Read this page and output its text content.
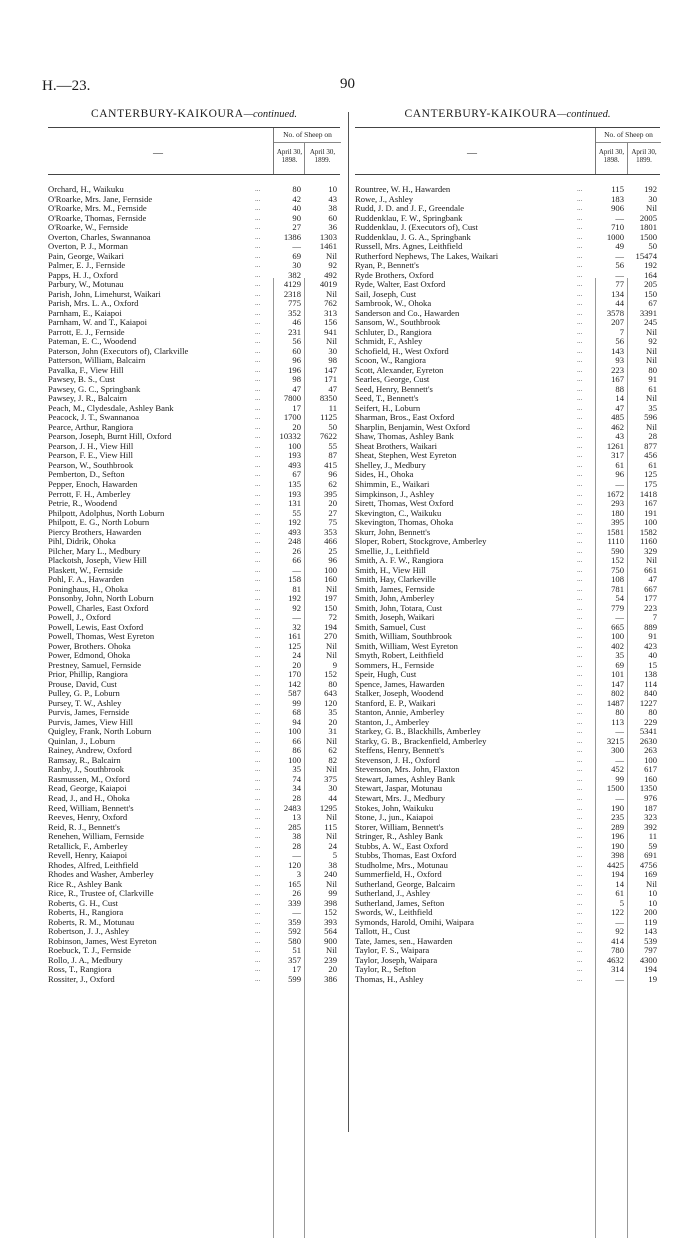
H.—23.	90
CANTERBURY-KAIKOURA—continued.
—
No. of Sheep on
April 30, 1898.
April 30, 1899.
Orchard, H., Waikuku	...	80	10
O'Roarke, Mrs. Jane, Fernside	...	42	43
O'Roarke, Mrs. M., Fernside	...	40	38
O'Roarke, Thomas, Fernside	...	90	60
O'Roarke, W., Fernside	...	27	36
Overton, Charles, Swannanoa	...	1386	1303
Overton, P. J., Morman	...	—	1461
Pain, George, Waikari	...	69	Nil
Palmer, E. J., Fernside	...	30	92
Papps, H. J., Oxford	...	382	492
Parbury, W., Motunau	...	4129	4019
Parish, John, Limehurst, Waikari	...	2318	Nil
Parish, Mrs. L. A., Oxford	...	775	762
Parnham, E., Kaiapoi	...	352	313
Parnham, W. and T., Kaiapoi	...	46	156
Parrott, E. J., Fernside	...	231	941
Pateman, E. C., Woodend	...	56	Nil
Paterson, John (Executors of), Clarkville	...	60	30
Patterson, William, Balcairn	...	96	98
Pavalka, F., View Hill	...	196	147
Pawsey, B. S., Cust	...	98	171
Pawsey, G. C., Springbank	...	47	47
Pawsey, J. R., Balcairn	...	7800	8350
Peach, M., Clydesdale, Ashley Bank	...	17	11
Peacock, J. T., Swannanoa	...	1700	1125
Pearce, Arthur, Rangiora	...	20	50
Pearson, Joseph, Burnt Hill, Oxford	...	10332	7622
Pearson, J. H., View Hill	...	100	55
Pearson, F. E., View Hill	...	193	87
Pearson, W., Southbrook	...	493	415
Pemberton, D., Sefton	...	67	96
Pepper, Enoch, Hawarden	...	135	62
Perrott, F. H., Amberley	...	193	395
Petrie, R., Woodend	...	131	20
Philpott, Adolphus, North Loburn	...	55	27
Philpott, E. G., North Loburn	...	192	75
Piercy Brothers, Hawarden	...	493	353
Pihl, Didrik, Ohoka	...	248	466
Pilcher, Mary L., Medbury	...	26	25
Plackotsh, Joseph, View Hill	...	66	96
Plaskett, W., Fernside	...	—	100
Pohl, F. A., Hawarden	...	158	160
Poninghaus, H., Ohoka	...	81	Nil
Ponsonby, John, North Loburn	...	192	197
Powell, Charles, East Oxford	...	92	150
Powell, J., Oxford	...	—	72
Powell, Lewis, East Oxford	...	32	194
Powell, Thomas, West Eyreton	...	161	270
Power, Brothers. Ohoka	...	125	Nil
Power, Edmond, Ohoka	...	24	Nil
Prestney, Samuel, Fernside	...	20	9
Prior, Phillip, Rangiora	...	170	152
Prouse, David, Cust	...	142	80
Pulley, G. P., Loburn	...	587	643
Pursey, T. W., Ashley	...	99	120
Purvis, James, Fernside	...	68	35
Purvis, James, View Hill	...	94	20
Quigley, Frank, North Loburn	...	100	31
Quinlan, J., Loburn	...	66	Nil
Rainey, Andrew, Oxford	...	86	62
Ramsay, R., Balcairn	...	100	82
Ranby, J., Southbrook	...	35	Nil
Rasmussen, M., Oxford	...	74	375
Read, George, Kaiapoi	...	34	30
Read, J., and H., Ohoka	...	28	44
Reed, William, Bennett's	...	2483	1295
Reeves, Henry, Oxford	...	13	Nil
Reid, R. J., Bennett's	...	285	115
Renehen, William, Fernside	...	38	Nil
Retallick, F., Amberley	...	28	24
Revell, Henry, Kaiapoi	...	—	5
Rhodes, Alfred, Leithfield	...	120	38
Rhodes and Washer, Amberley	...	3	240
Rice R., Ashley Bank	...	165	Nil
Rice, R., Trustee of, Clarkville	...	26	99
Roberts, G. H., Cust	...	339	398
Roberts, H., Rangiora	...	—	152
Roberts, R. M., Motunau	...	359	393
Robertson, J. J., Ashley	...	592	564
Robinson, James, West Eyreton	...	580	900
Roebuck, T. J., Fernside	...	51	Nil
Rollo, J. A., Medbury	...	357	239
Ross, T., Rangiora	...	17	20
Rossiter, J., Oxford	...	599	386
CANTERBURY-KAIKOURA—continued.
—
No. of Sheep on
April 30, 1898.
April 30, 1899.
Rountree, W. H., Hawarden	...	115	192
Rowe, J., Ashley	...	183	30
Rudd, J. D. and J. F., Greendale	...	906	Nil
Ruddenklau, F. W., Springbank	...	—	2005
Ruddenklau, J. (Executors of), Cust	...	710	1801
Ruddenklau, J. G. A., Springbank	...	1000	1500
Russell, Mrs. Agnes, Leithfield	...	49	50
Rutherford Nephews, The Lakes, Waikari	...	—	15474
Ryan, P., Bennett's	...	56	192
Ryde Brothers, Oxford	...	—	164
Ryde, Walter, East Oxford	...	77	205
Sail, Joseph, Cust	...	134	150
Sambrook, W., Ohoka	...	44	67
Sanderson and Co., Hawarden	...	3578	3391
Sansom, W., Southbrook	...	207	245
Schluter, D., Rangiora	...	7	Nil
Schmidt, F., Ashley	...	56	92
Schofield, H., West Oxford	...	143	Nil
Scoon, W., Rangiora	...	93	Nil
Scott, Alexander, Eyreton	...	223	80
Searles, George, Cust	...	167	91
Seed, Henry, Bennett's	...	88	61
Seed, T., Bennett's	...	14	Nil
Seifert, H., Loburn	...	47	35
Sharman, Bros., East Oxford	...	485	596
Sharplin, Benjamin, West Oxford	...	462	Nil
Shaw, Thomas, Ashley Bank	...	43	28
Sheat Brothers, Waikari	...	1261	877
Sheat, Stephen, West Eyreton	...	317	456
Shelley, J., Medbury	...	61	61
Sides, H., Ohoka	...	96	125
Shimmin, E., Waikari	...	—	175
Simpkinson, J., Ashley	...	1672	1418
Sirett, Thomas, West Oxford	...	293	167
Skevington, C., Waikuku	...	180	191
Skevington, Thomas, Ohoka	...	395	100
Skurr, John, Bennett's	...	1581	1582
Sloper, Robert, Stockgrove, Amberley	...	1110	1160
Smellie, J., Leithfield	...	590	329
Smith, A. F. W., Rangiora	...	152	Nil
Smith, H., View Hill	...	750	661
Smith, Hay, Clarkeville	...	108	47
Smith, James, Fernside	...	781	667
Smith, John, Amberley	...	54	177
Smith, John, Totara, Cust	...	779	223
Smith, Joseph, Waikari	...	—	7
Smith, Samuel, Cust	...	665	889
Smith, William, Southbrook	...	100	91
Smith, William, West Eyreton	...	402	423
Smyth, Robert, Leithfield	...	35	40
Sommers, H., Fernside	...	69	15
Speir, Hugh, Cust	...	101	138
Spence, James, Hawarden	...	147	114
Stalker, Joseph, Woodend	...	802	840
Stanford, E. P., Waikari	...	1487	1227
Stanton, Annie, Amberley	...	80	80
Stanton, J., Amberley	...	113	229
Starkey, G. B., Blackhills, Amberley	...	—	5341
Starky, G. B., Brackenfield, Amberley	...	3215	2630
Steffens, Henry, Bennett's	...	300	263
Stevenson, J. H., Oxford	...	—	100
Stevenson, Mrs. John, Flaxton	...	452	617
Stewart, James, Ashley Bank	...	99	160
Stewart, Jaspar, Motunau	...	1500	1350
Stewart, Mrs. J., Medbury	...	—	976
Stokes, John, Waikuku	...	190	187
Stone, J., jun., Kaiapoi	...	235	323
Storer, William, Bennett's	...	289	392
Stringer, R., Ashley Bank	...	196	11
Stubbs, A. W., East Oxford	...	190	59
Stubbs, Thomas, East Oxford	...	398	691
Studholme, Mrs., Motunau	...	4425	4756
Summerfield, H., Oxford	...	194	169
Sutherland, George, Balcairn	...	14	Nil
Sutherland, J., Ashley	...	61	10
Sutherland, James, Sefton	...	5	10
Swords, W., Leithfield	...	122	200
Symonds, Harold, Omihi, Waipara	...	—	119
Tallott, H., Cust	...	92	143
Tate, James, sen., Hawarden	...	414	539
Taylor, F. S., Waipara	...	780	797
Taylor, Joseph, Waipara	...	4632	4300
Taylor, R., Sefton	...	314	194
Thomas, H., Ashley	...	—	19
